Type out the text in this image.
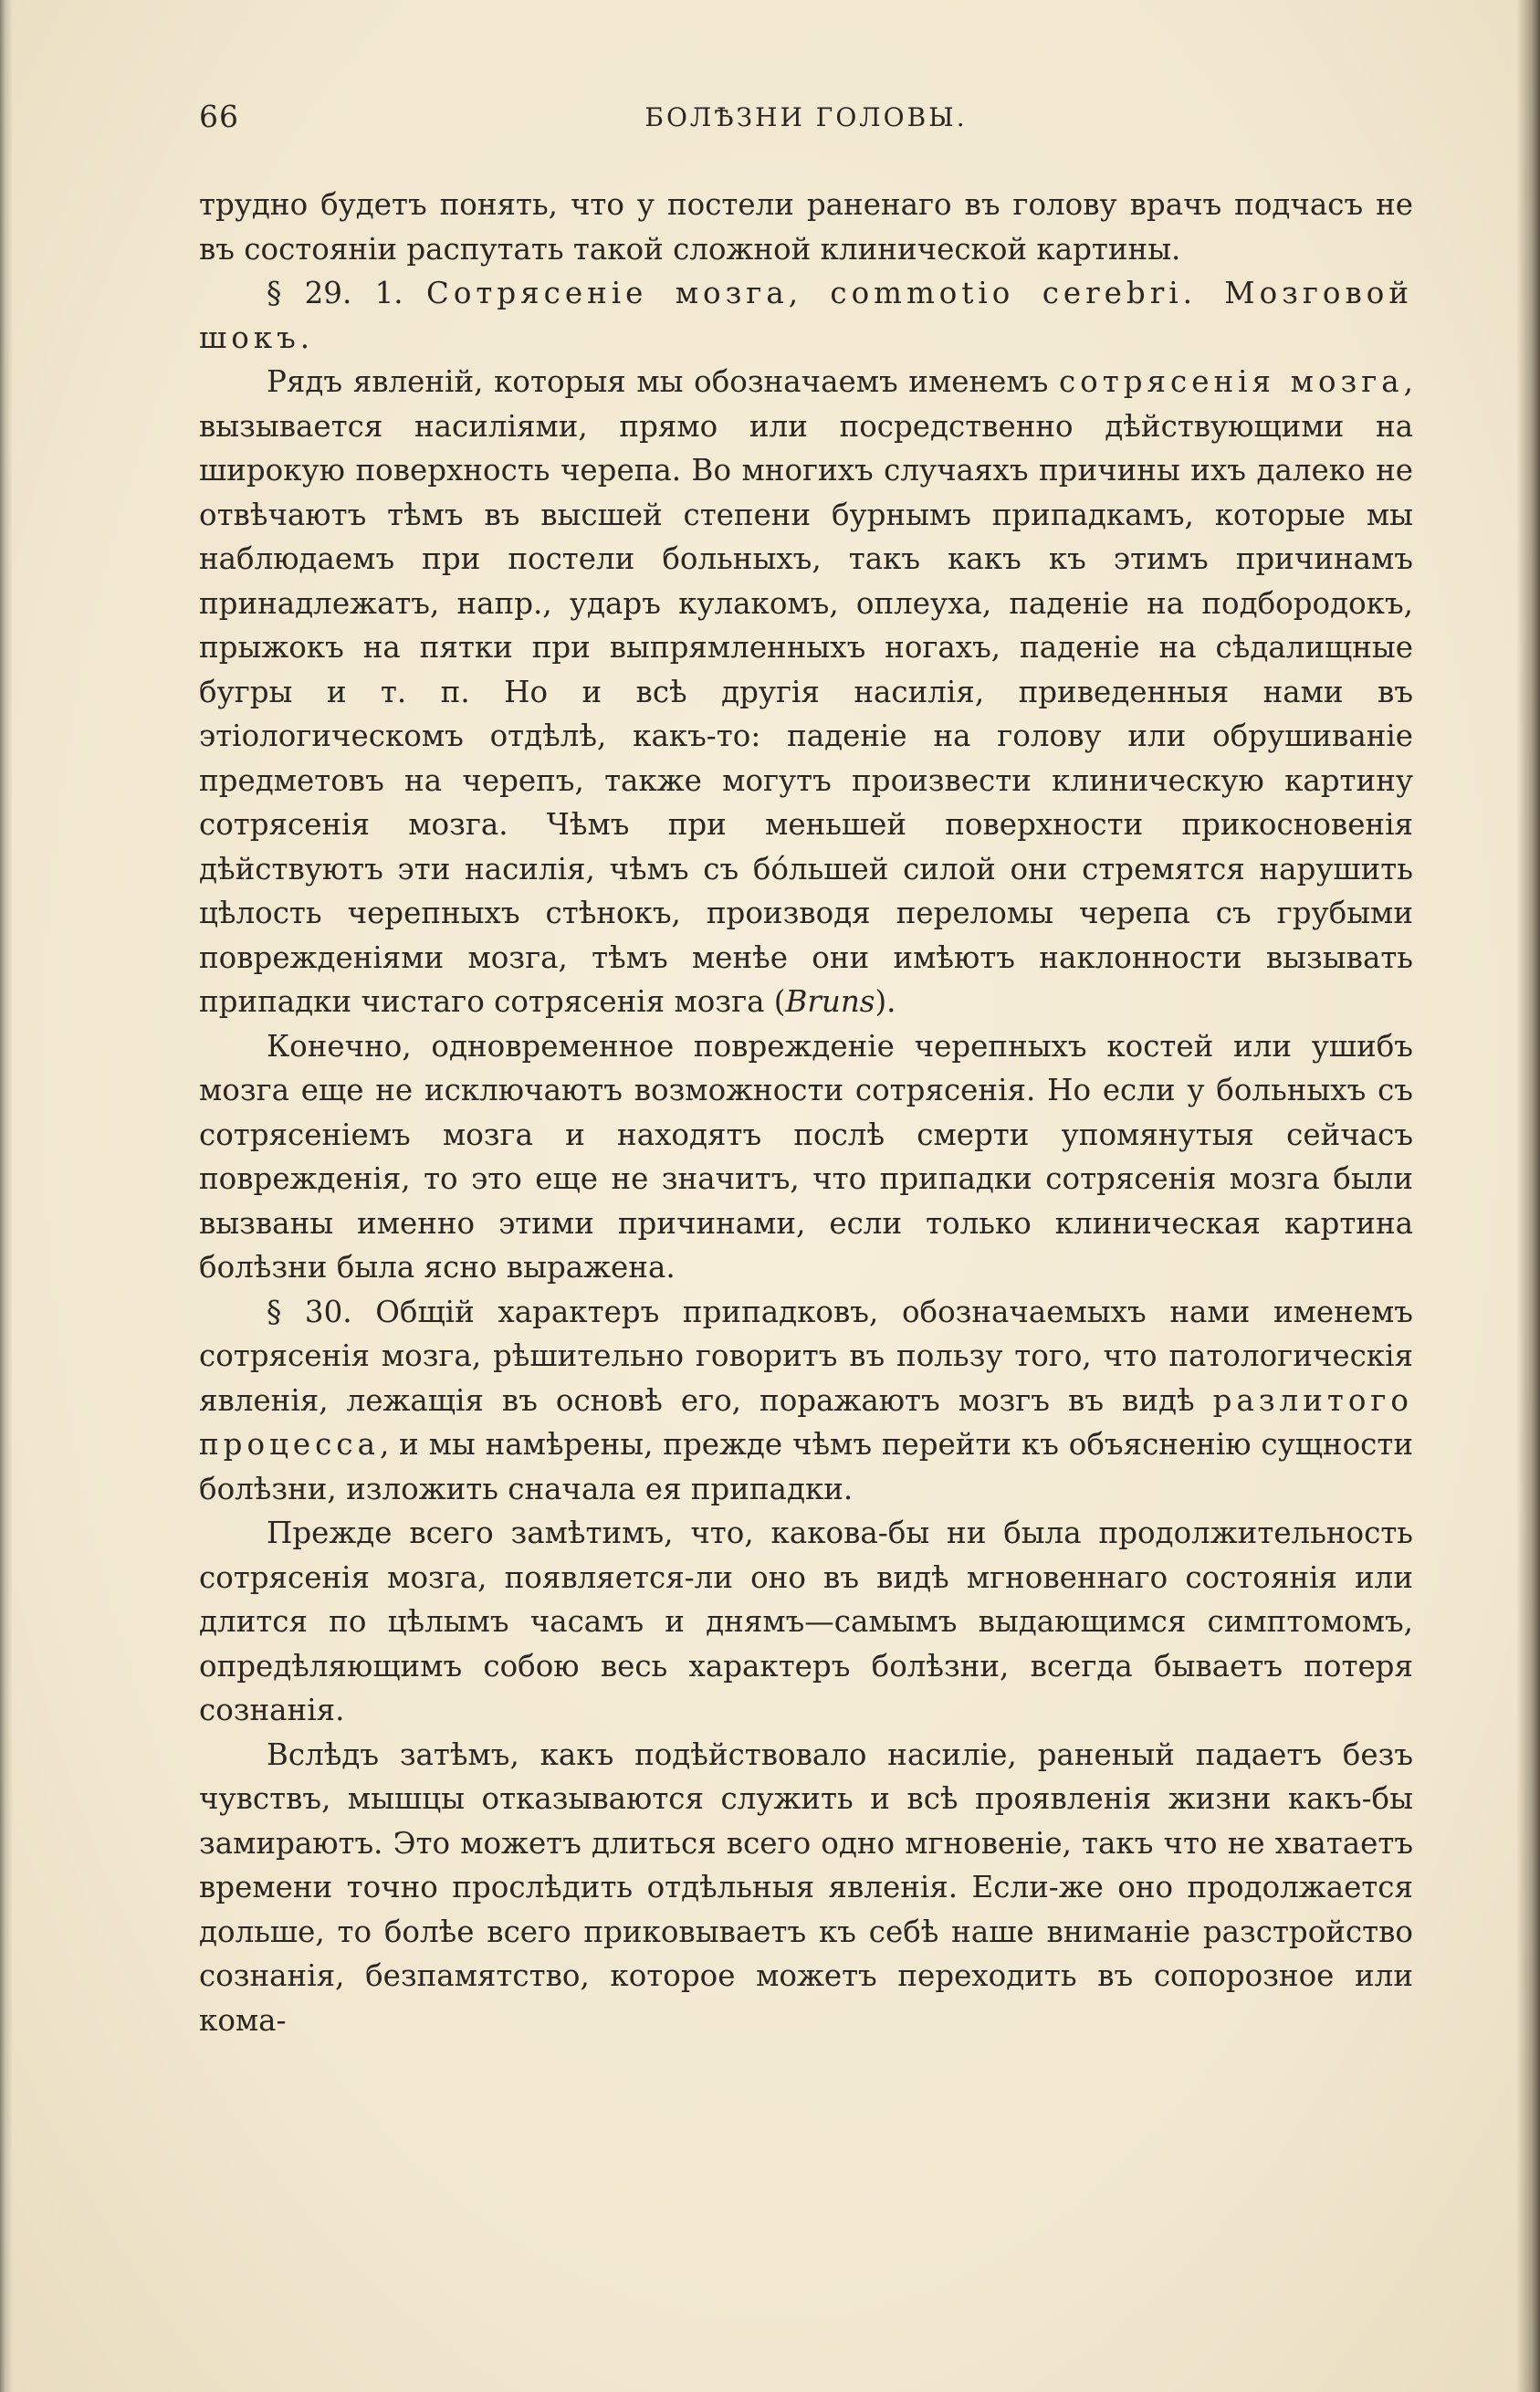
66	БОЛѢЗНИ ГОЛОВЫ.

трудно будетъ понять, что у постели раненаго въ голову врачъ подчасъ не въ состоянiи распутать такой сложной клинической картины.

§ 29. 1. Сотрясенiе мозга, commotio cerebri. Мозговой шокъ.

Рядъ явленiй, которыя мы обозначаемъ именемъ сотрясенiя мозга, вызывается насилiями, прямо или посредственно дѣйствующими на широкую поверхность черепа. Во многихъ случаяхъ причины ихъ далеко не отвѣчаютъ тѣмъ въ высшей степени бурнымъ припадкамъ, которые мы наблюдаемъ при постели больныхъ, такъ какъ къ этимъ причинамъ принадлежатъ, напр., ударъ кулакомъ, оплеуха, паденiе на подбородокъ, прыжокъ на пятки при выпрямленныхъ ногахъ, паденiе на сѣдалищные бугры и т. п. Но и всѣ другiя насилiя, приведенныя нами въ этiологическомъ отдѣлѣ, какъ-то: паденiе на голову или обрушиванiе предметовъ на черепъ, также могутъ произвести клиническую картину сотрясенiя мозга. Чѣмъ при меньшей поверхности прикосновенiя дѣйствуютъ эти насилiя, чѣмъ съ бóльшей силой они стремятся нарушить цѣлость черепныхъ стѣнокъ, производя переломы черепа съ грубыми поврежденiями мозга, тѣмъ менѣе они имѣютъ наклонности вызывать припадки чистаго сотрясенiя мозга (Bruns).

Конечно, одновременное поврежденiе черепныхъ костей или ушибъ мозга еще не исключаютъ возможности сотрясенiя. Но если у больныхъ съ сотрясенiемъ мозга и находятъ послѣ смерти упомянутыя сейчасъ поврежденiя, то это еще не значитъ, что припадки сотрясенiя мозга были вызваны именно этими причинами, если только клиническая картина болѣзни была ясно выражена.

§ 30. Общiй характеръ припадковъ, обозначаемыхъ нами именемъ сотрясенiя мозга, рѣшительно говоритъ въ пользу того, что патологическiя явленiя, лежащiя въ основѣ его, поражаютъ мозгъ въ видѣ разлитого процесса, и мы намѣрены, прежде чѣмъ перейти къ объясненiю сущности болѣзни, изложить сначала ея припадки.

Прежде всего замѣтимъ, что, какова-бы ни была продолжительность сотрясенiя мозга, появляется-ли оно въ видѣ мгновеннаго состоянiя или длится по цѣлымъ часамъ и днямъ—самымъ выдающимся симптомомъ, опредѣляющимъ собою весь характеръ болѣзни, всегда бываетъ потеря сознанiя.

Вслѣдъ затѣмъ, какъ подѣйствовало насилiе, раненый падаетъ безъ чувствъ, мышцы отказываются служить и всѣ проявленiя жизни какъ-бы замираютъ. Это можетъ длиться всего одно мгновенiе, такъ что не хватаетъ времени точно прослѣдить отдѣльныя явленiя. Если-же оно продолжается дольше, то болѣе всего приковываетъ къ себѣ наше вниманiе разстройство сознанiя, безпамятство, которое можетъ переходить въ сопорозное или кома-
